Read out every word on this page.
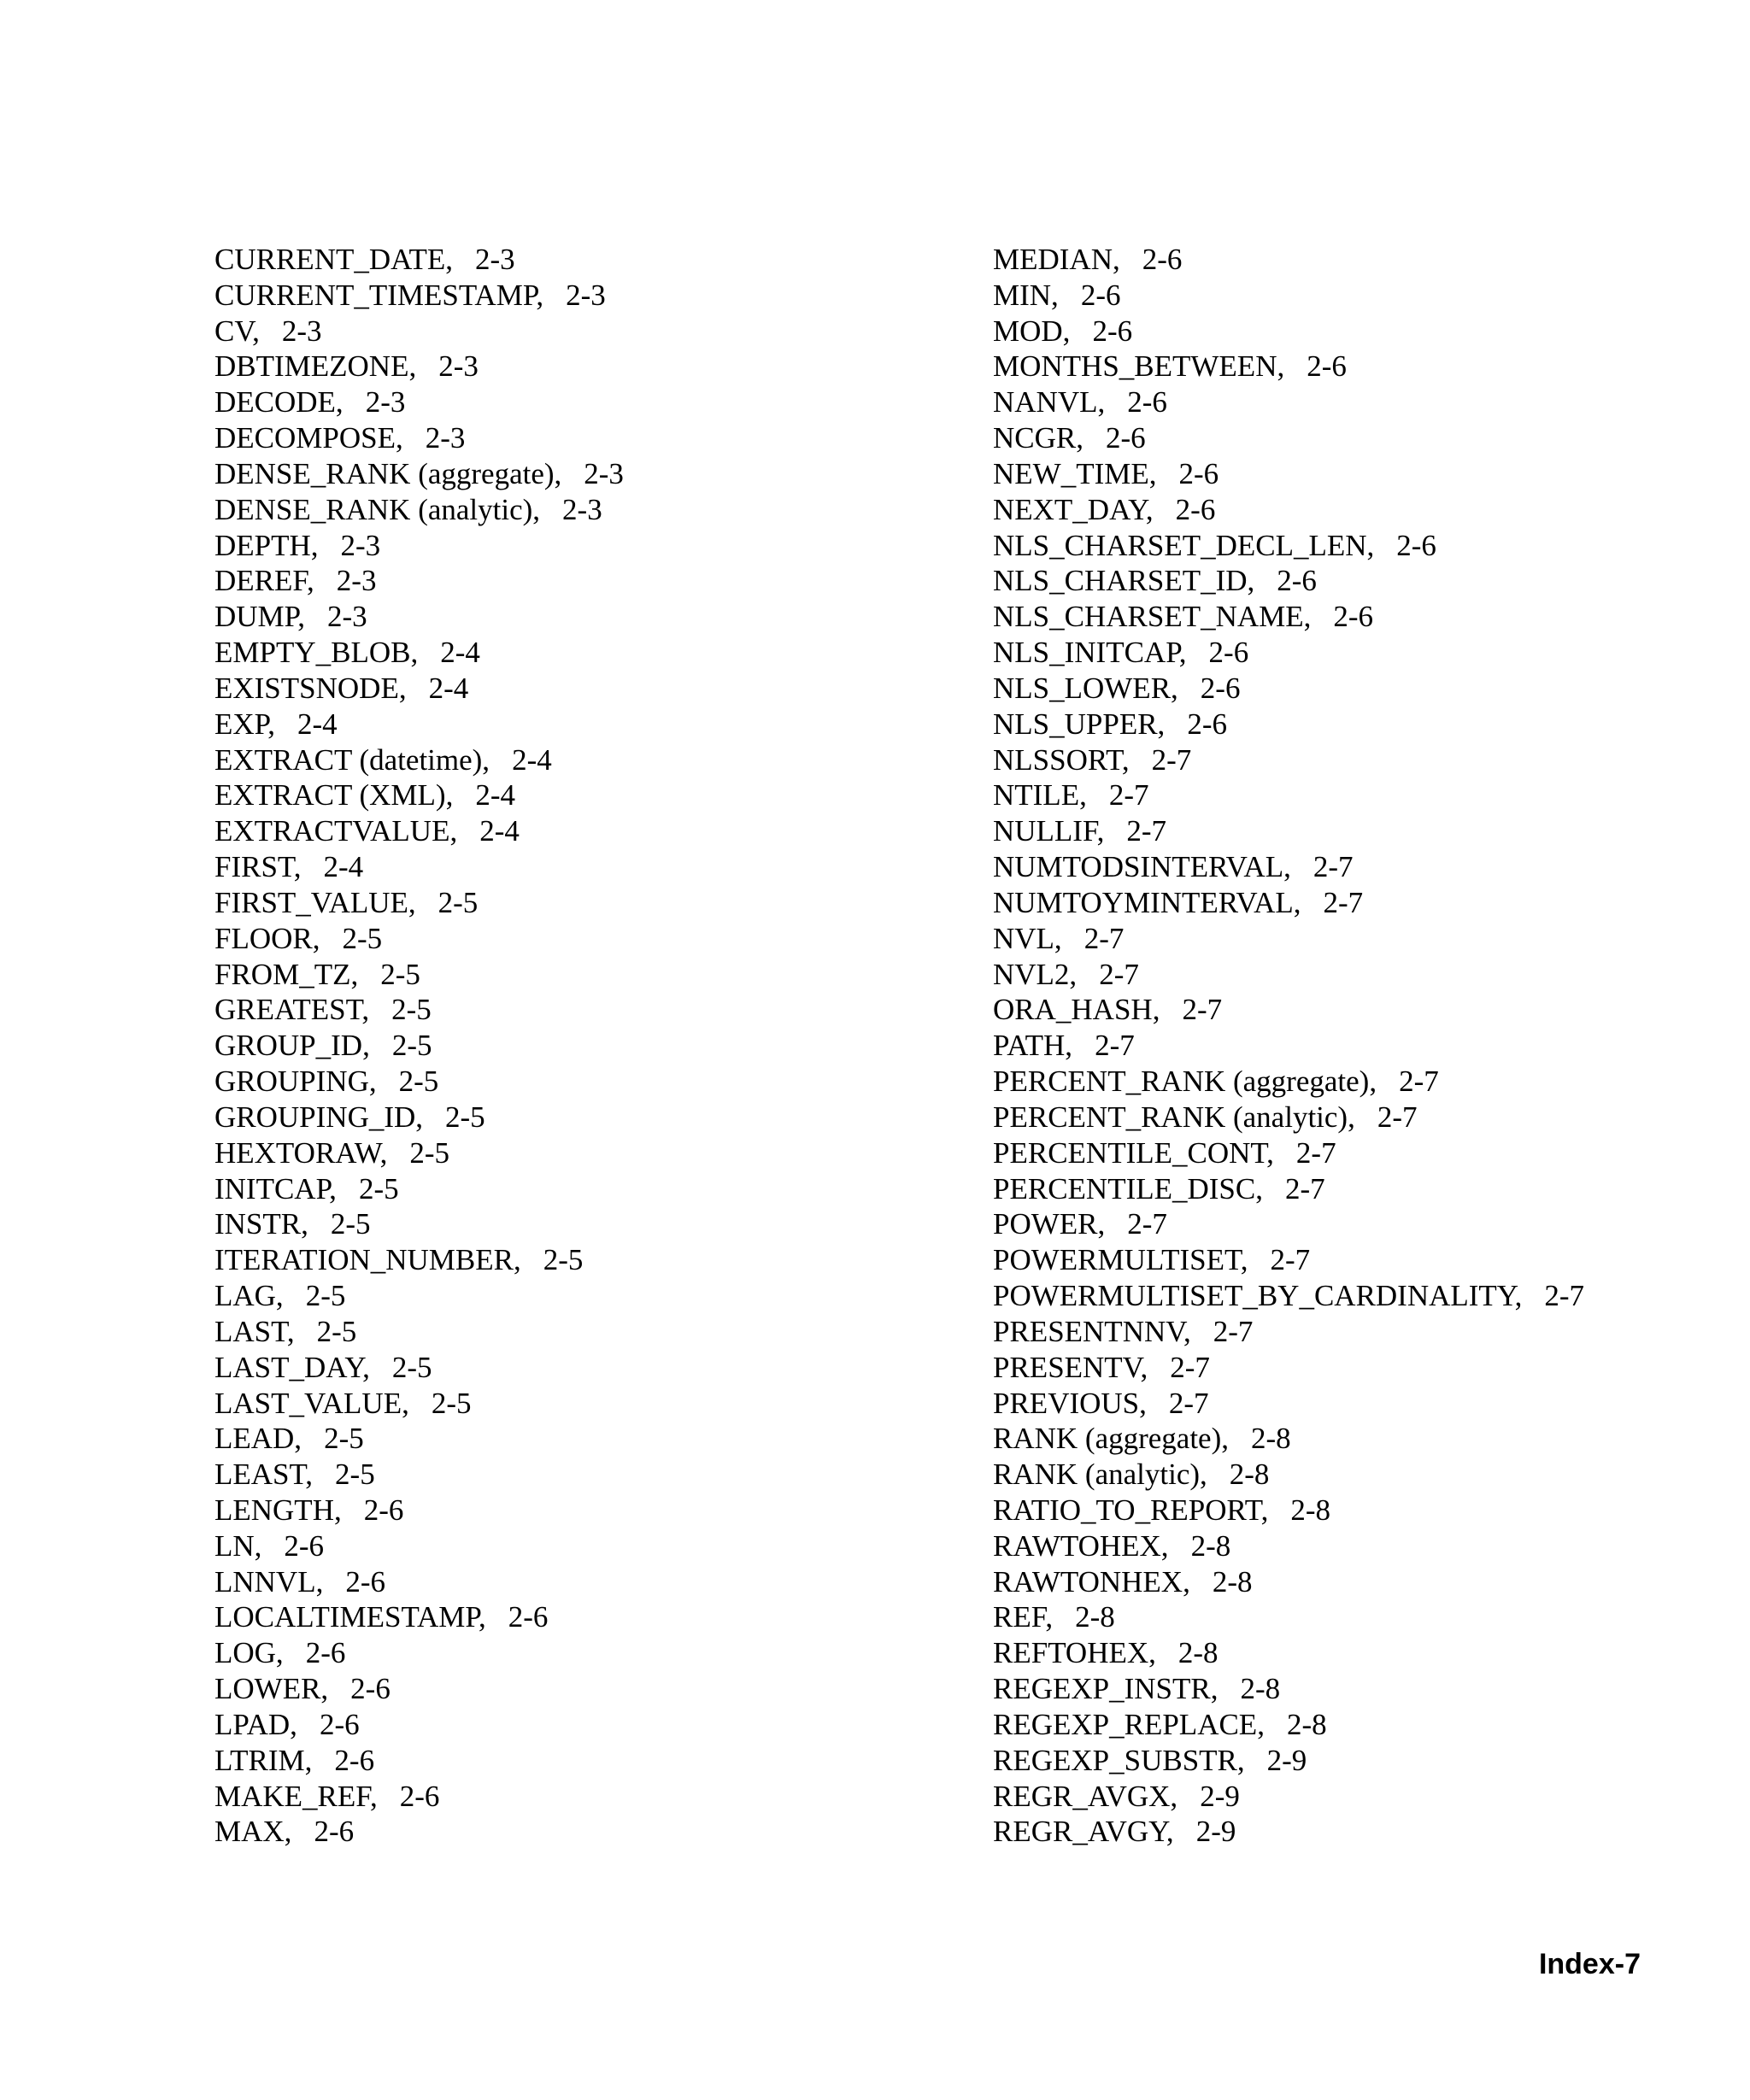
CURRENT_DATE, 2-3
CURRENT_TIMESTAMP, 2-3
CV, 2-3
DBTIMEZONE, 2-3
DECODE, 2-3
DECOMPOSE, 2-3
DENSE_RANK (aggregate), 2-3
DENSE_RANK (analytic), 2-3
DEPTH, 2-3
DEREF, 2-3
DUMP, 2-3
EMPTY_BLOB, 2-4
EXISTSNODE, 2-4
EXP, 2-4
EXTRACT (datetime), 2-4
EXTRACT (XML), 2-4
EXTRACTVALUE, 2-4
FIRST, 2-4
FIRST_VALUE, 2-5
FLOOR, 2-5
FROM_TZ, 2-5
GREATEST, 2-5
GROUP_ID, 2-5
GROUPING, 2-5
GROUPING_ID, 2-5
HEXTORAW, 2-5
INITCAP, 2-5
INSTR, 2-5
ITERATION_NUMBER, 2-5
LAG, 2-5
LAST, 2-5
LAST_DAY, 2-5
LAST_VALUE, 2-5
LEAD, 2-5
LEAST, 2-5
LENGTH, 2-6
LN, 2-6
LNNVL, 2-6
LOCALTIMESTAMP, 2-6
LOG, 2-6
LOWER, 2-6
LPAD, 2-6
LTRIM, 2-6
MAKE_REF, 2-6
MAX, 2-6
MEDIAN, 2-6
MIN, 2-6
MOD, 2-6
MONTHS_BETWEEN, 2-6
NANVL, 2-6
NCGR, 2-6
NEW_TIME, 2-6
NEXT_DAY, 2-6
NLS_CHARSET_DECL_LEN, 2-6
NLS_CHARSET_ID, 2-6
NLS_CHARSET_NAME, 2-6
NLS_INITCAP, 2-6
NLS_LOWER, 2-6
NLS_UPPER, 2-6
NLSSORT, 2-7
NTILE, 2-7
NULLIF, 2-7
NUMTODSINTERVAL, 2-7
NUMTOYMINTERVAL, 2-7
NVL, 2-7
NVL2, 2-7
ORA_HASH, 2-7
PATH, 2-7
PERCENT_RANK (aggregate), 2-7
PERCENT_RANK (analytic), 2-7
PERCENTILE_CONT, 2-7
PERCENTILE_DISC, 2-7
POWER, 2-7
POWERMULTISET, 2-7
POWERMULTISET_BY_CARDINALITY, 2-7
PRESENTNNV, 2-7
PRESENTV, 2-7
PREVIOUS, 2-7
RANK (aggregate), 2-8
RANK (analytic), 2-8
RATIO_TO_REPORT, 2-8
RAWTOHEX, 2-8
RAWTONHEX, 2-8
REF, 2-8
REFTOHEX, 2-8
REGEXP_INSTR, 2-8
REGEXP_REPLACE, 2-8
REGEXP_SUBSTR, 2-9
REGR_AVGX, 2-9
REGR_AVGY, 2-9
Index-7
